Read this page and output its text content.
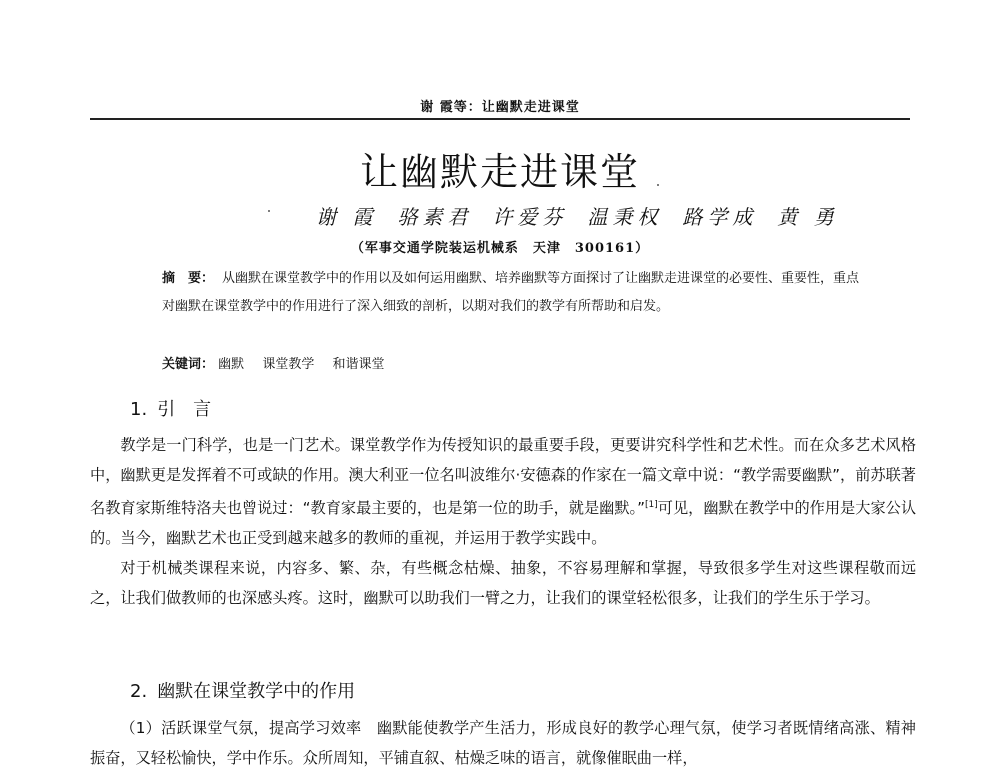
谢 霞等：让幽默走进课堂
让幽默走进课堂
谢 霞 骆素君 许爱芬 温秉权 路学成 黄 勇
（军事交通学院装运机械系　天津　300161）
摘　要： 从幽默在课堂教学中的作用以及如何运用幽默、培养幽默等方面探讨了让幽默走进课堂的必要性、重要性，重点对幽默在课堂教学中的作用进行了深入细致的剖析，以期对我们的教学有所帮助和启发。
关键词： 幽默 课堂教学 和谐课堂
1. 引　言

教学是一门科学，也是一门艺术。课堂教学作为传授知识的最重要手段，更要讲究科学性和艺术性。而在众多艺术风格中，幽默更是发挥着不可或缺的作用。澳大利亚一位名叫波维尔·安德森的作家在一篇文章中说：“教学需要幽默”，前苏联著名教育家斯维特洛夫也曾说过：“教育家最主要的，也是第一位的助手，就是幽默。”[1]可见，幽默在教学中的作用是大家公认的。当今，幽默艺术也正受到越来越多的教师的重视，并运用于教学实践中。

对于机械类课程来说，内容多、繁、杂，有些概念枯燥、抽象，不容易理解和掌握，导致很多学生对这些课程敬而远之，让我们做教师的也深感头疼。这时，幽默可以助我们一臂之力，让我们的课堂轻松很多，让我们的学生乐于学习。

2. 幽默在课堂教学中的作用

（1）活跃课堂气氛，提高学习效率　幽默能使教学产生活力，形成良好的教学心理气氛，使学习者既情绪高涨、精神振奋，又轻松愉快，学中作乐。众所周知，平铺直叙、枯燥乏味的语言，就像催眠曲一样，
